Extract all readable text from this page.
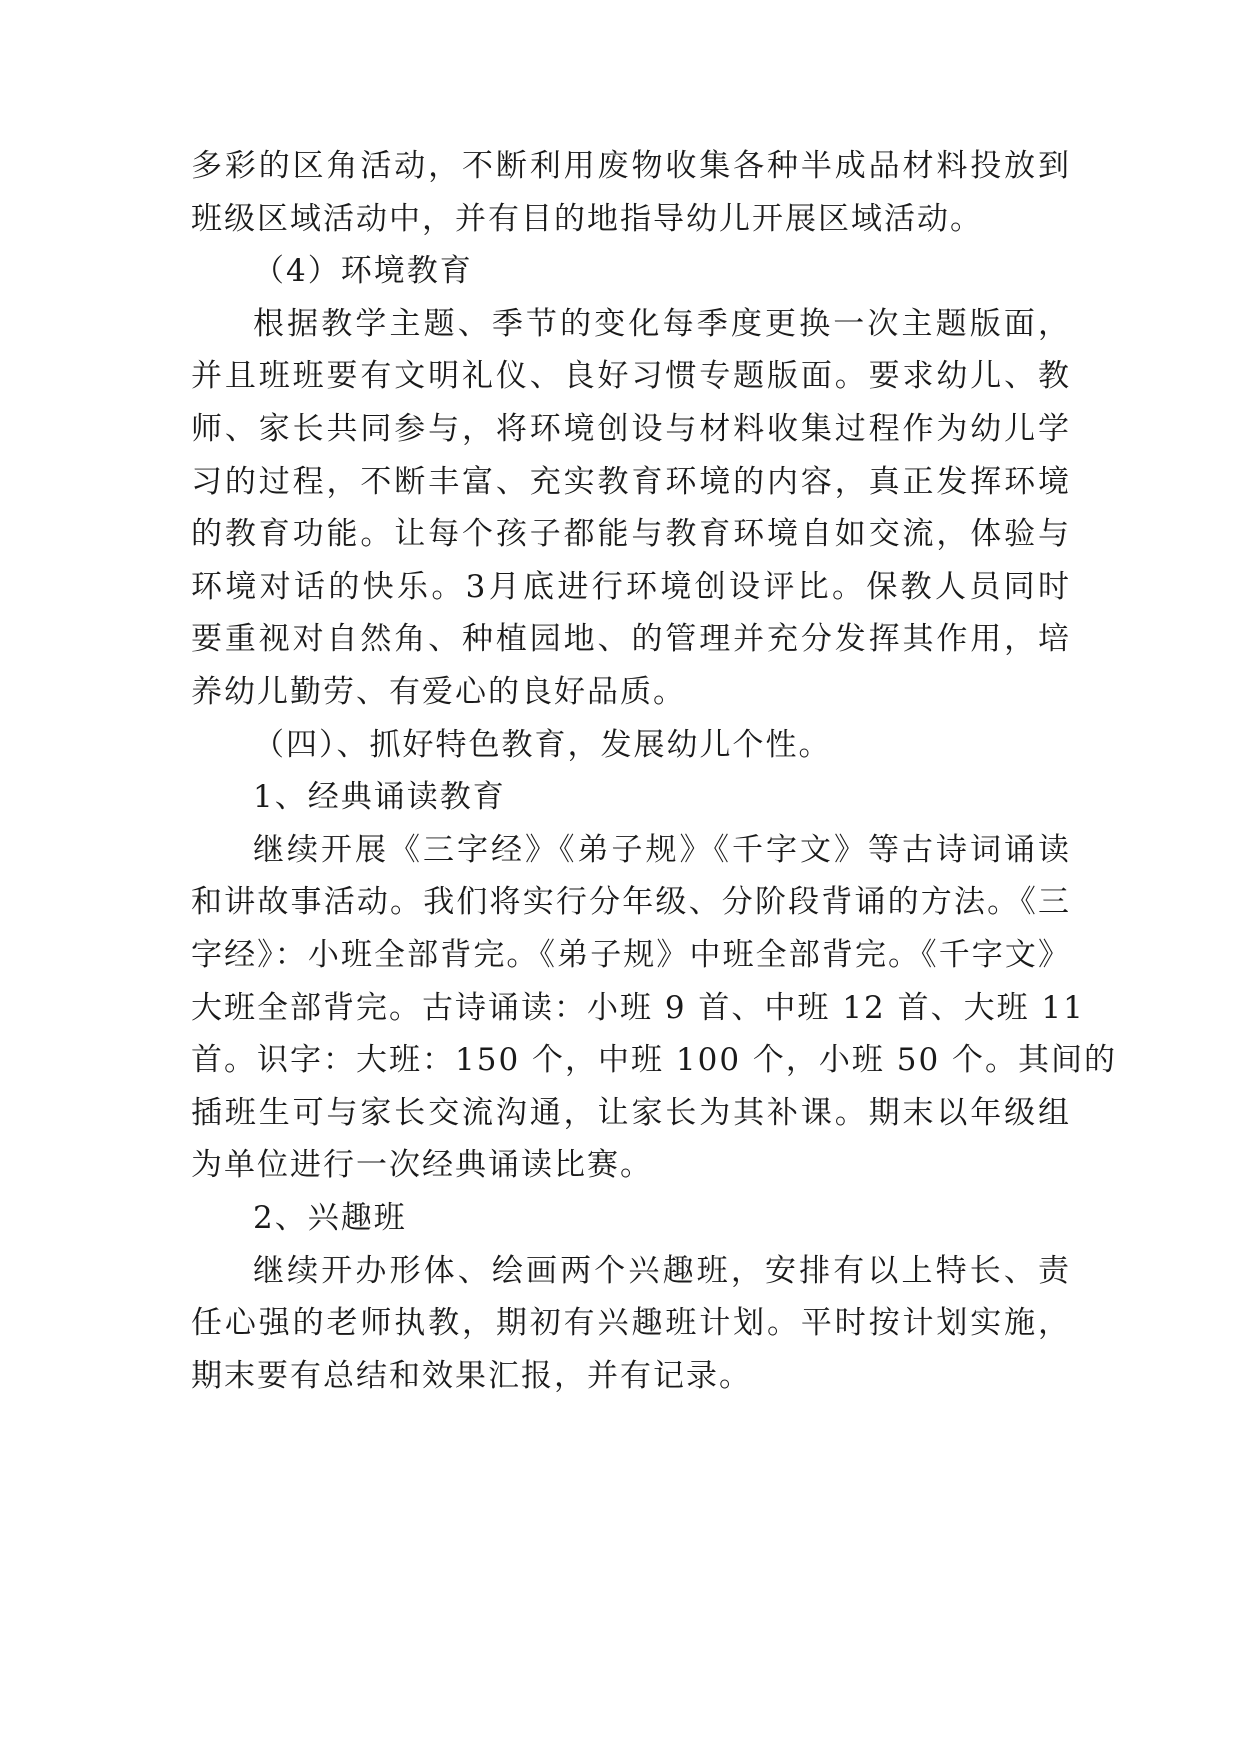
多彩的区角活动，不断利用废物收集各种半成品材料投放到
班级区域活动中，并有目的地指导幼儿开展区域活动。
（4）环境教育
根据教学主题、季节的变化每季度更换一次主题版面，
并且班班要有文明礼仪、良好习惯专题版面。要求幼儿、教
师、家长共同参与，将环境创设与材料收集过程作为幼儿学
习的过程，不断丰富、充实教育环境的内容，真正发挥环境
的教育功能。让每个孩子都能与教育环境自如交流，体验与
环境对话的快乐。3月底进行环境创设评比。保教人员同时
要重视对自然角、种植园地、的管理并充分发挥其作用，培
养幼儿勤劳、有爱心的良好品质。
（四）、抓好特色教育，发展幼儿个性。
1、经典诵读教育
继续开展《三字经》《弟子规》《千字文》等古诗词诵读
和讲故事活动。我们将实行分年级、分阶段背诵的方法。《三
字经》：小班全部背完。《弟子规》中班全部背完。《千字文》
大班全部背完。古诗诵读：小班 9 首、中班 12 首、大班 11
首。识字：大班：150 个，中班 100 个，小班 50 个。其间的
插班生可与家长交流沟通，让家长为其补课。期末以年级组
为单位进行一次经典诵读比赛。
2、兴趣班
继续开办形体、绘画两个兴趣班，安排有以上特长、责
任心强的老师执教，期初有兴趣班计划。平时按计划实施，
期末要有总结和效果汇报，并有记录。
